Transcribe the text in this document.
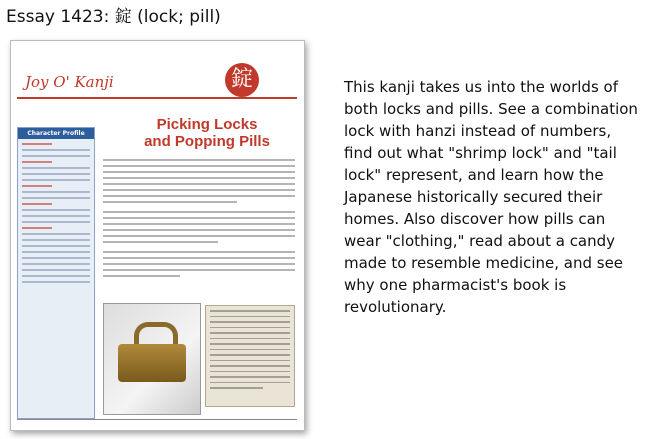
Essay 1423: 錠 (lock; pill)
Joy O' Kanji	錠
Character Profile
Picking Locks
and Popping Pills
This kanji takes us into the worlds of both locks and pills. See a combination lock with hanzi instead of numbers, find out what "shrimp lock" and "tail lock" represent, and learn how the Japanese historically secured their homes. Also discover how pills can wear "clothing," read about a candy made to resemble medicine, and see why one pharmacist's book is revolutionary.
